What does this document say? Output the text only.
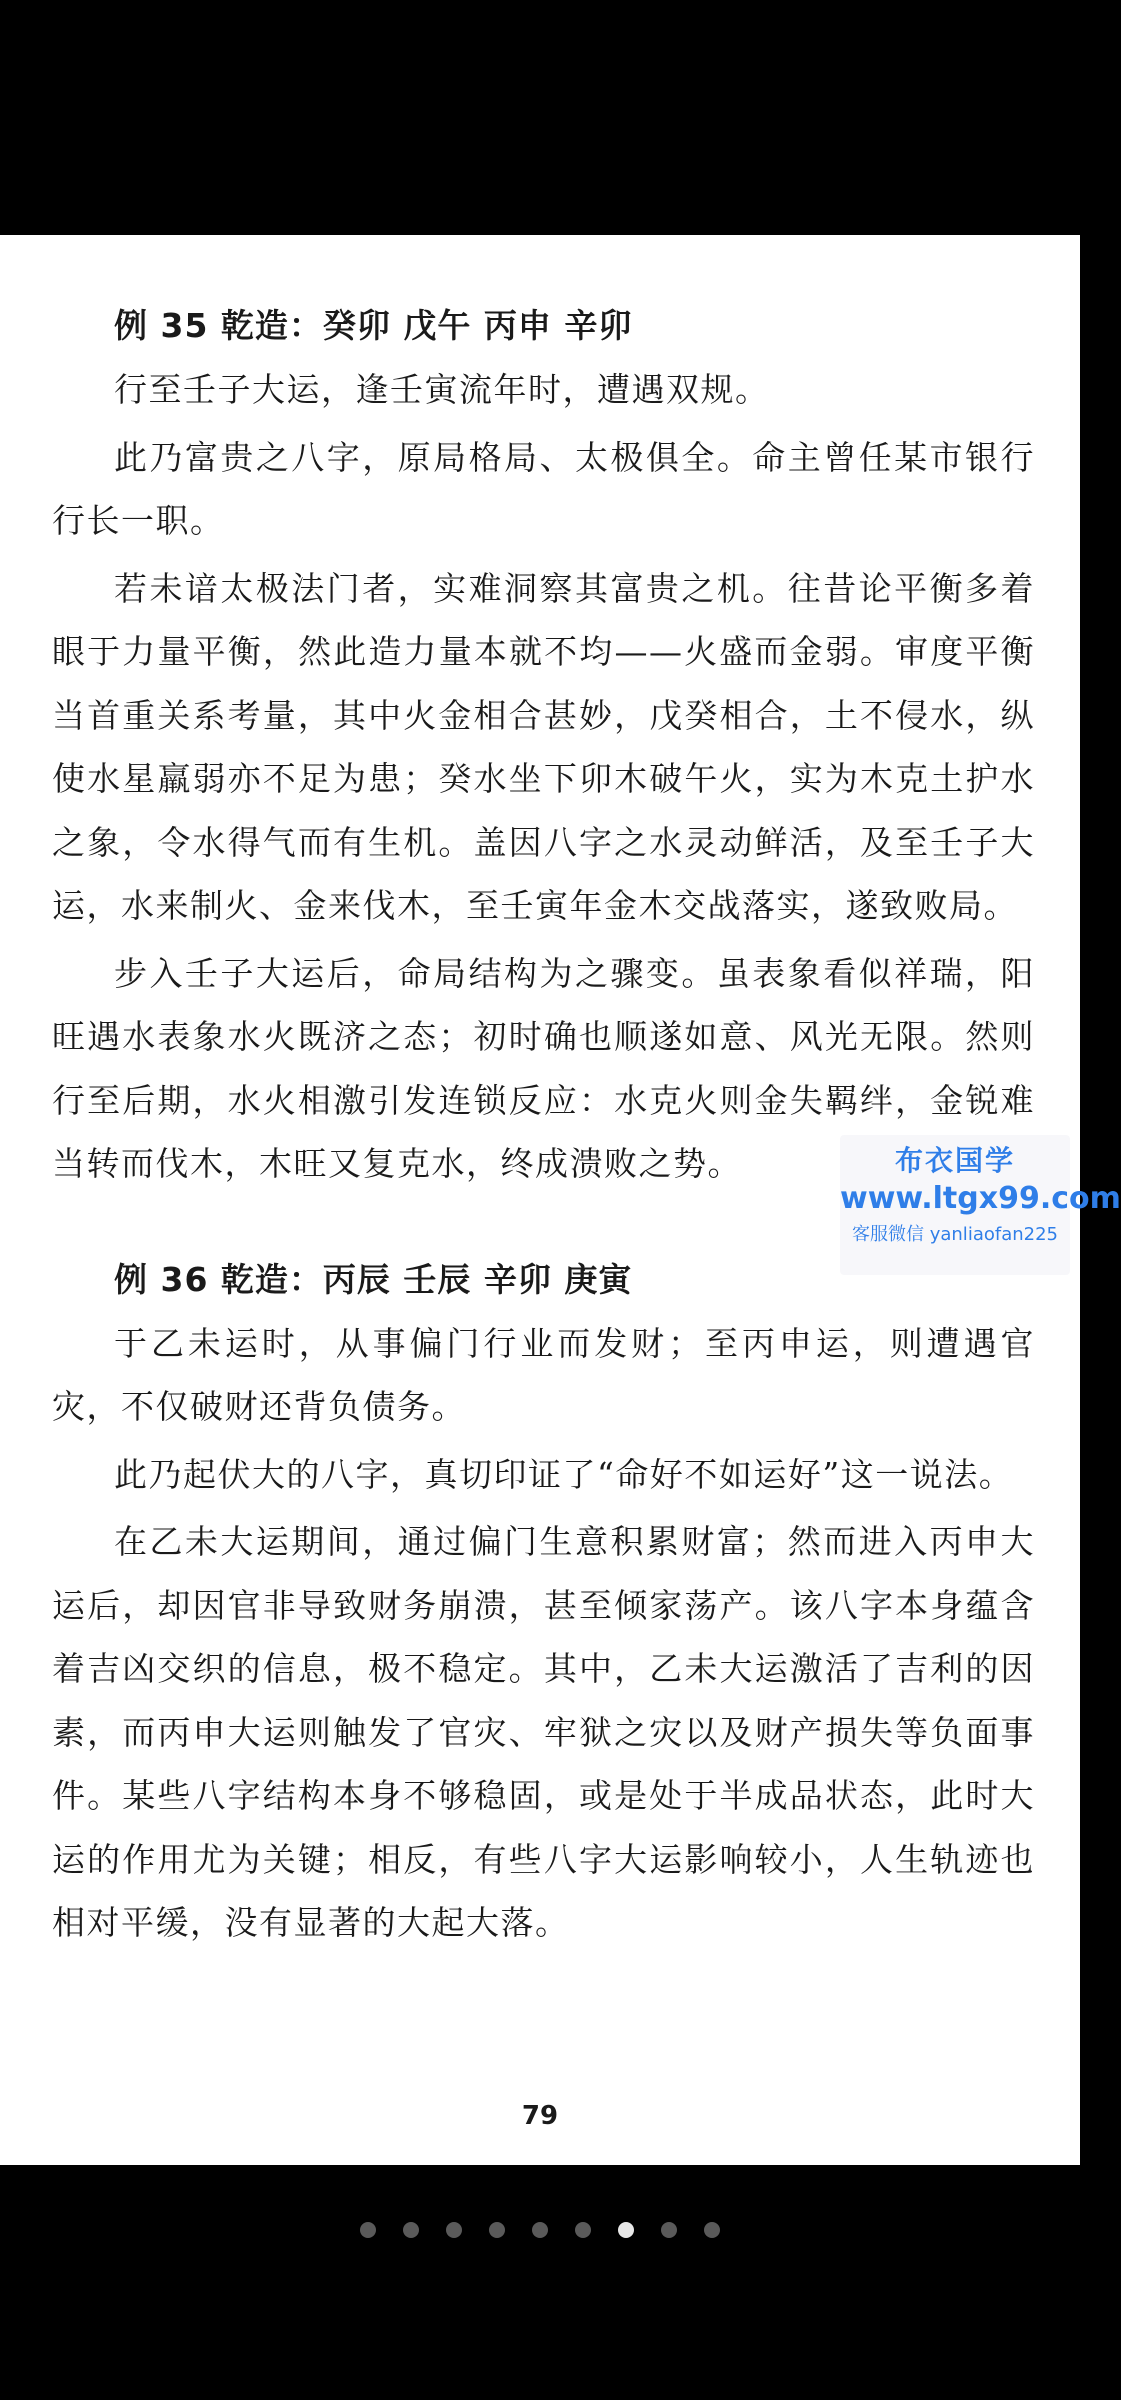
例 35 乾造：癸卯 戊午 丙申 辛卯

行至壬子大运，逢壬寅流年时，遭遇双规。

此乃富贵之八字，原局格局、太极俱全。命主曾任某市银行行长一职。

若未谙太极法门者，实难洞察其富贵之机。往昔论平衡多着眼于力量平衡，然此造力量本就不均——火盛而金弱。审度平衡当首重关系考量，其中火金相合甚妙，戊癸相合，土不侵水，纵使水星羸弱亦不足为患；癸水坐下卯木破午火，实为木克土护水之象，令水得气而有生机。盖因八字之水灵动鲜活，及至壬子大运，水来制火、金来伐木，至壬寅年金木交战落实，遂致败局。

步入壬子大运后，命局结构为之骤变。虽表象看似祥瑞，阳旺遇水表象水火既济之态；初时确也顺遂如意、风光无限。然则行至后期，水火相激引发连锁反应：水克火则金失羁绊，金锐难当转而伐木，木旺又复克水，终成溃败之势。

例 36 乾造：丙辰 壬辰 辛卯 庚寅

于乙未运时，从事偏门行业而发财；至丙申运，则遭遇官灾，不仅破财还背负债务。

此乃起伏大的八字，真切印证了“命好不如运好”这一说法。

在乙未大运期间，通过偏门生意积累财富；然而进入丙申大运后，却因官非导致财务崩溃，甚至倾家荡产。该八字本身蕴含着吉凶交织的信息，极不稳定。其中，乙未大运激活了吉利的因素，而丙申大运则触发了官灾、牢狱之灾以及财产损失等负面事件。某些八字结构本身不够稳固，或是处于半成品状态，此时大运的作用尤为关键；相反，有些八字大运影响较小，人生轨迹也相对平缓，没有显著的大起大落。

79
布衣国学
www.ltgx99.com
客服微信 yanliaofan225
